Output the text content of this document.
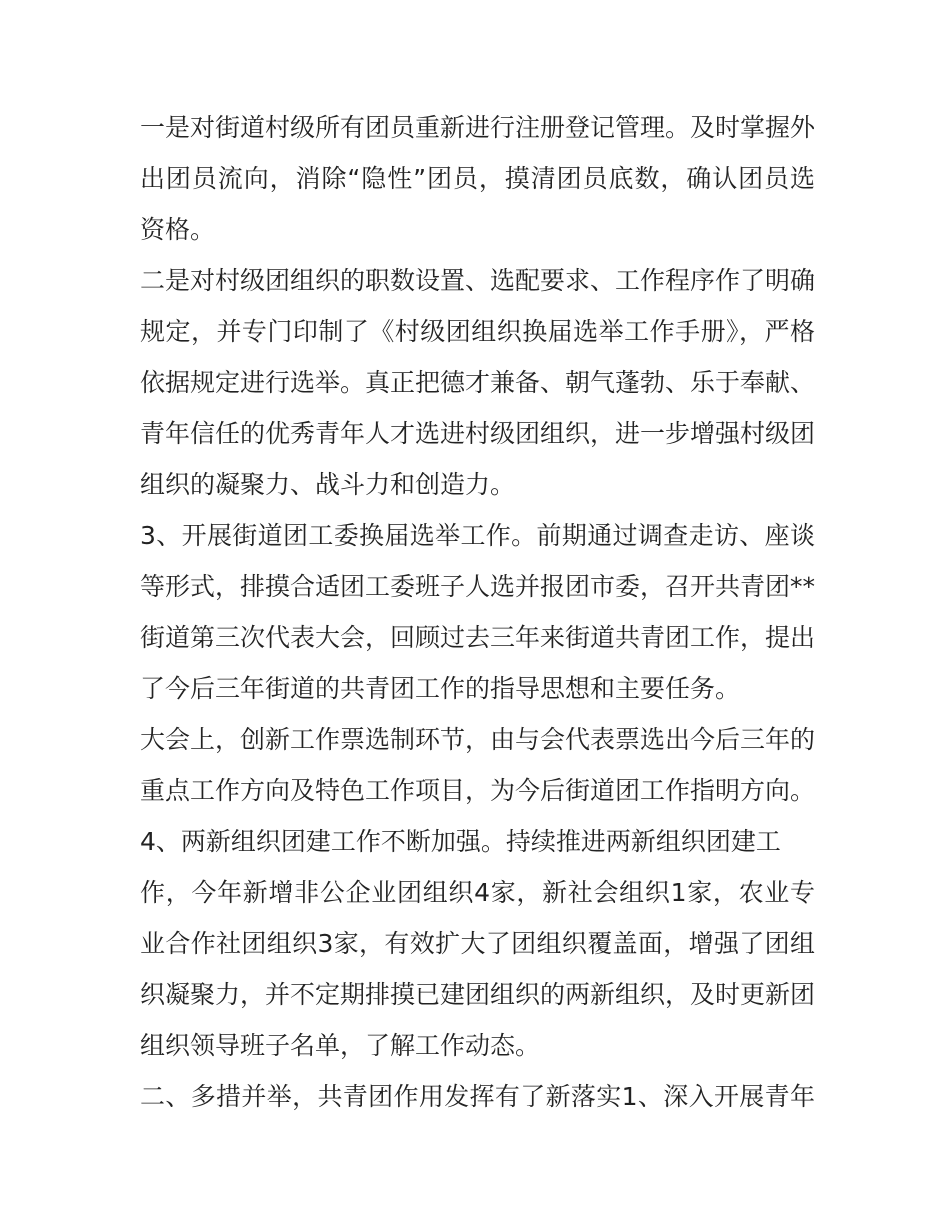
一是对街道村级所有团员重新进行注册登记管理。及时掌握外
出团员流向，消除“隐性”团员，摸清团员底数，确认团员选
资格。
二是对村级团组织的职数设置、选配要求、工作程序作了明确
规定，并专门印制了《村级团组织换届选举工作手册》，严格
依据规定进行选举。真正把德才兼备、朝气蓬勃、乐于奉献、
青年信任的优秀青年人才选进村级团组织，进一步增强村级团
组织的凝聚力、战斗力和创造力。
3、开展街道团工委换届选举工作。前期通过调查走访、座谈
等形式，排摸合适团工委班子人选并报团市委，召开共青团**
街道第三次代表大会，回顾过去三年来街道共青团工作，提出
了今后三年街道的共青团工作的指导思想和主要任务。
大会上，创新工作票选制环节，由与会代表票选出今后三年的
重点工作方向及特色工作项目，为今后街道团工作指明方向。
4、两新组织团建工作不断加强。持续推进两新组织团建工
作，今年新增非公企业团组织4家，新社会组织1家，农业专
业合作社团组织3家，有效扩大了团组织覆盖面，增强了团组
织凝聚力，并不定期排摸已建团组织的两新组织，及时更新团
组织领导班子名单，了解工作动态。
二、多措并举，共青团作用发挥有了新落实1、深入开展青年
